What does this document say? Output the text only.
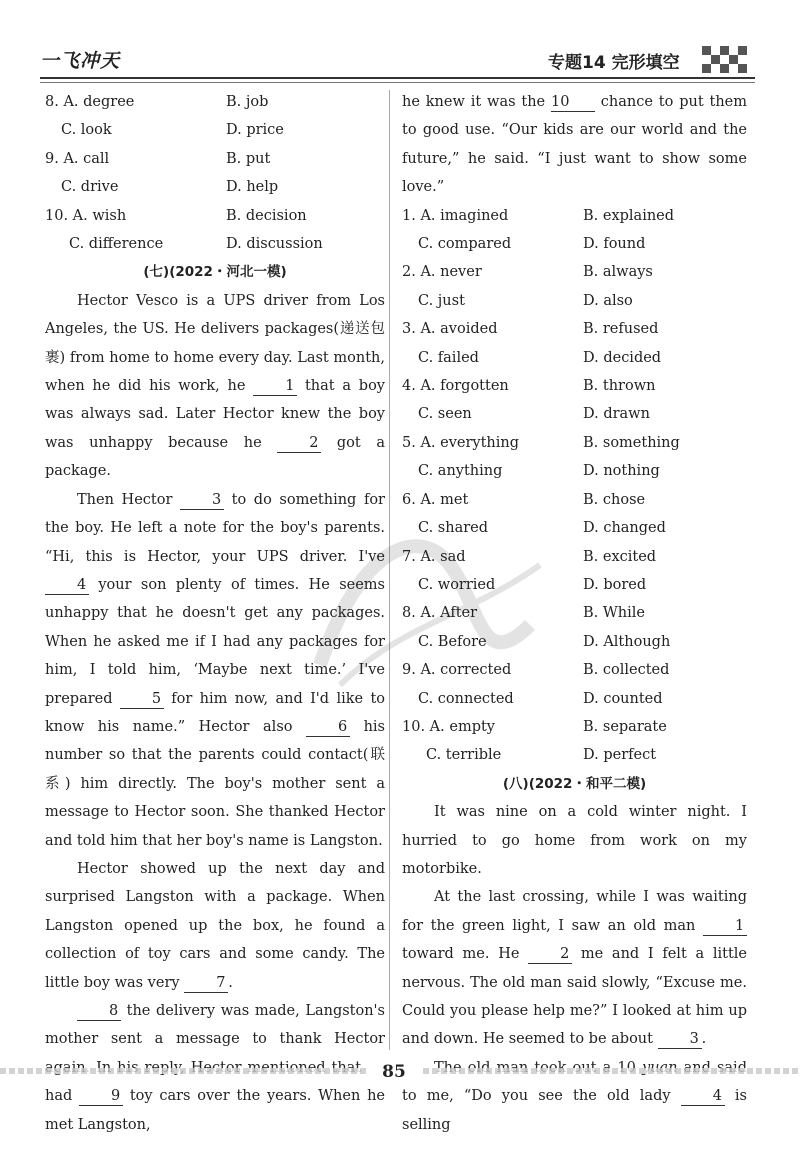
一飞冲天	专题14 完形填空
8. A. degree	B. job
C. look	D. price
9. A. call	B. put
C. drive	D. help
10. A. wish	B. decision
C. difference	D. discussion
(七)(2022・河北一模)
Hector Vesco is a UPS driver from Los Angeles, the US. He delivers packages(递送包裹) from home to home every day. Last month, when he did his work, he 1 that a boy was always sad. Later Hector knew the boy was unhappy because he 2 got a package.
Then Hector 3 to do something for the boy. He left a note for the boy's parents. “Hi, this is Hector, your UPS driver. I've 4 your son plenty of times. He seems unhappy that he doesn't get any packages. When he asked me if I had any packages for him, I told him, ‘Maybe next time.’ I've prepared 5 for him now, and I'd like to know his name.” Hector also 6 his number so that the parents could contact(联系) him directly. The boy's mother sent a message to Hector soon. She thanked Hector and told him that her boy's name is Langston.
Hector showed up the next day and surprised Langston with a package. When Langston opened up the box, he found a collection of toy cars and some candy. The little boy was very 7 .
8 the delivery was made, Langston's mother sent a message to thank Hector had	9 toy cars over the years. When he met Langston,
he knew it was the 10 chance to put them to good use. “Our kids are our world and the future,” he said. “I just want to show some love.”
1. A. imagined	B. explained
C. compared	D. found
2. A. never	B. always
C. just	D. also
3. A. avoided	B. refused
C. failed	D. decided
4. A. forgotten	B. thrown
C. seen	D. drawn
5. A. everything	B. something
C. anything	D. nothing
6. A. met	B. chose
C. shared	D. changed
7. A. sad	B. excited
C. worried	D. bored
8. A. After	B. While
C. Before	D. Although
9. A. corrected	B. collected
C. connected	D. counted
10. A. empty	B. separate
C. terrible	D. perfect
(八)(2022・和平二模)
It was nine on a cold winter night. I hurried to go home from work on my motorbike.
At the last crossing, while I was waiting for the green light, I saw an old man 1 toward me. He 2 me and I felt a little nervous. The old man said slowly, “Excuse me. Could you please help me?” I looked at him up and down. He seemed to be about 3 .
to me, “Do you see the old lady	4 is selling
85
